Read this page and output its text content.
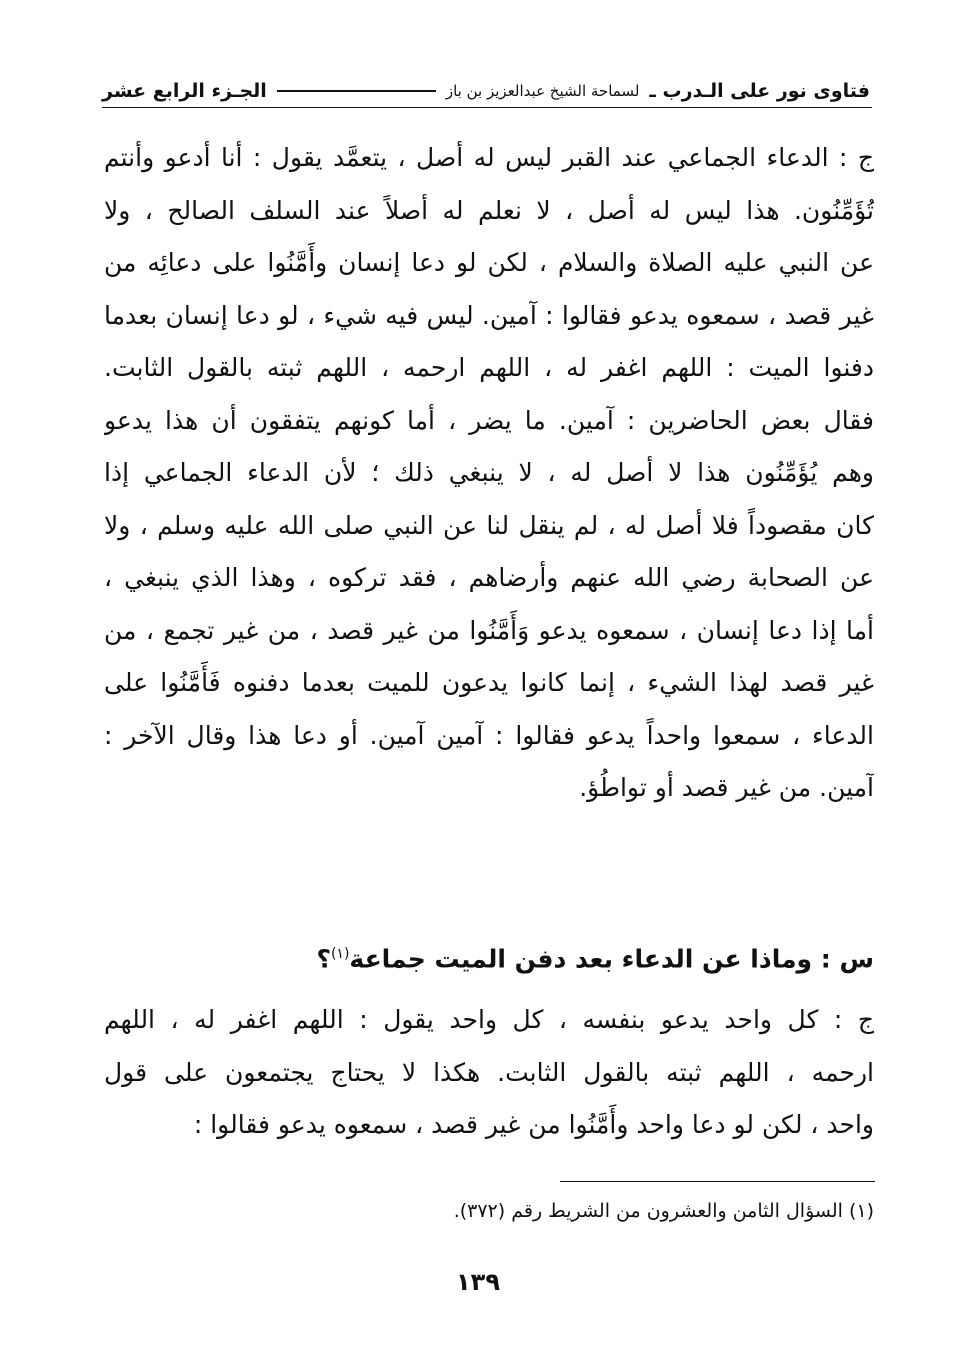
فتاوى نور على الـدرب ـ
لسماحة الشيخ عبدالعزيز بن باز
الجـزء الرابع عشر
ج : الدعاء الجماعي عند القبر ليس له أصل ، يتعمَّد يقول : أنا أدعو وأنتم
تُؤَمِّنُون. هذا ليس له أصل ، لا نعلم له أصلاً عند السلف الصالح ، ولا
عن النبي عليه الصلاة والسلام ، لكن لو دعا إنسان وأَمَّنُوا على دعائِه من
غير قصد ، سمعوه يدعو فقالوا : آمين. ليس فيه شيء ، لو دعا إنسان بعدما
دفنوا الميت : اللهم اغفر له ، اللهم ارحمه ، اللهم ثبته بالقول الثابت.
فقال بعض الحاضرين : آمين. ما يضر ، أما كونهم يتفقون أن هذا يدعو
وهم يُؤَمِّنُون هذا لا أصل له ، لا ينبغي ذلك ؛ لأن الدعاء الجماعي إذا
كان مقصوداً فلا أصل له ، لم ينقل لنا عن النبي صلى الله عليه وسلم ، ولا
عن الصحابة رضي الله عنهم وأرضاهم ، فقد تركوه ، وهذا الذي ينبغي ،
أما إذا دعا إنسان ، سمعوه يدعو وَأَمَّنُوا من غير قصد ، من غير تجمع ، من
غير قصد لهذا الشيء ، إنما كانوا يدعون للميت بعدما دفنوه فَأَمَّنُوا على
الدعاء ، سمعوا واحداً يدعو فقالوا : آمين آمين. أو دعا هذا وقال الآخر :
آمين. من غير قصد أو تواطُؤ.
س : وماذا عن الدعاء بعد دفن الميت جماعة$^{(١)}$؟
ج : كل واحد يدعو بنفسه ، كل واحد يقول : اللهم اغفر له ، اللهم
ارحمه ، اللهم ثبته بالقول الثابت. هكذا لا يحتاج يجتمعون على قول
واحد ، لكن لو دعا واحد وأَمَّنُوا من غير قصد ، سمعوه يدعو فقالوا :
(١) السؤال الثامن والعشرون من الشريط رقم (٣٧٢).
١٣٩
